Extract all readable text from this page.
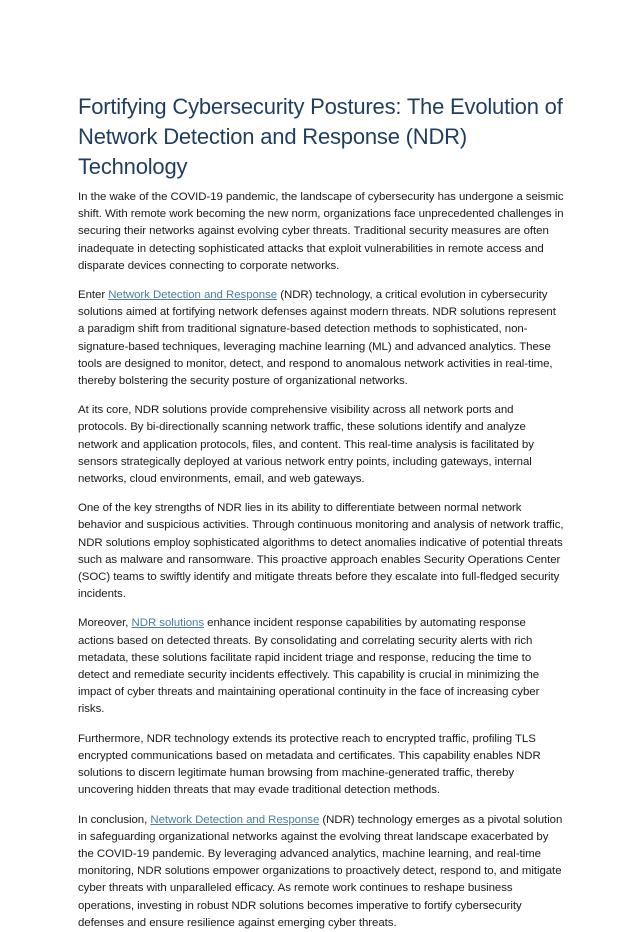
Fortifying Cybersecurity Postures: The Evolution of Network Detection and Response (NDR) Technology

In the wake of the COVID-19 pandemic, the landscape of cybersecurity has undergone a seismic shift. With remote work becoming the new norm, organizations face unprecedented challenges in securing their networks against evolving cyber threats. Traditional security measures are often inadequate in detecting sophisticated attacks that exploit vulnerabilities in remote access and disparate devices connecting to corporate networks.

Enter Network Detection and Response (NDR) technology, a critical evolution in cybersecurity solutions aimed at fortifying network defenses against modern threats. NDR solutions represent a paradigm shift from traditional signature-based detection methods to sophisticated, non-signature-based techniques, leveraging machine learning (ML) and advanced analytics. These tools are designed to monitor, detect, and respond to anomalous network activities in real-time, thereby bolstering the security posture of organizational networks.

At its core, NDR solutions provide comprehensive visibility across all network ports and protocols. By bi-directionally scanning network traffic, these solutions identify and analyze network and application protocols, files, and content. This real-time analysis is facilitated by sensors strategically deployed at various network entry points, including gateways, internal networks, cloud environments, email, and web gateways.

One of the key strengths of NDR lies in its ability to differentiate between normal network behavior and suspicious activities. Through continuous monitoring and analysis of network traffic, NDR solutions employ sophisticated algorithms to detect anomalies indicative of potential threats such as malware and ransomware. This proactive approach enables Security Operations Center (SOC) teams to swiftly identify and mitigate threats before they escalate into full-fledged security incidents.

Moreover, NDR solutions enhance incident response capabilities by automating response actions based on detected threats. By consolidating and correlating security alerts with rich metadata, these solutions facilitate rapid incident triage and response, reducing the time to detect and remediate security incidents effectively. This capability is crucial in minimizing the impact of cyber threats and maintaining operational continuity in the face of increasing cyber risks.

Furthermore, NDR technology extends its protective reach to encrypted traffic, profiling TLS encrypted communications based on metadata and certificates. This capability enables NDR solutions to discern legitimate human browsing from machine-generated traffic, thereby uncovering hidden threats that may evade traditional detection methods.

In conclusion, Network Detection and Response (NDR) technology emerges as a pivotal solution in safeguarding organizational networks against the evolving threat landscape exacerbated by the COVID-19 pandemic. By leveraging advanced analytics, machine learning, and real-time monitoring, NDR solutions empower organizations to proactively detect, respond to, and mitigate cyber threats with unparalleled efficacy. As remote work continues to reshape business operations, investing in robust NDR solutions becomes imperative to fortify cybersecurity defenses and ensure resilience against emerging cyber threats.
